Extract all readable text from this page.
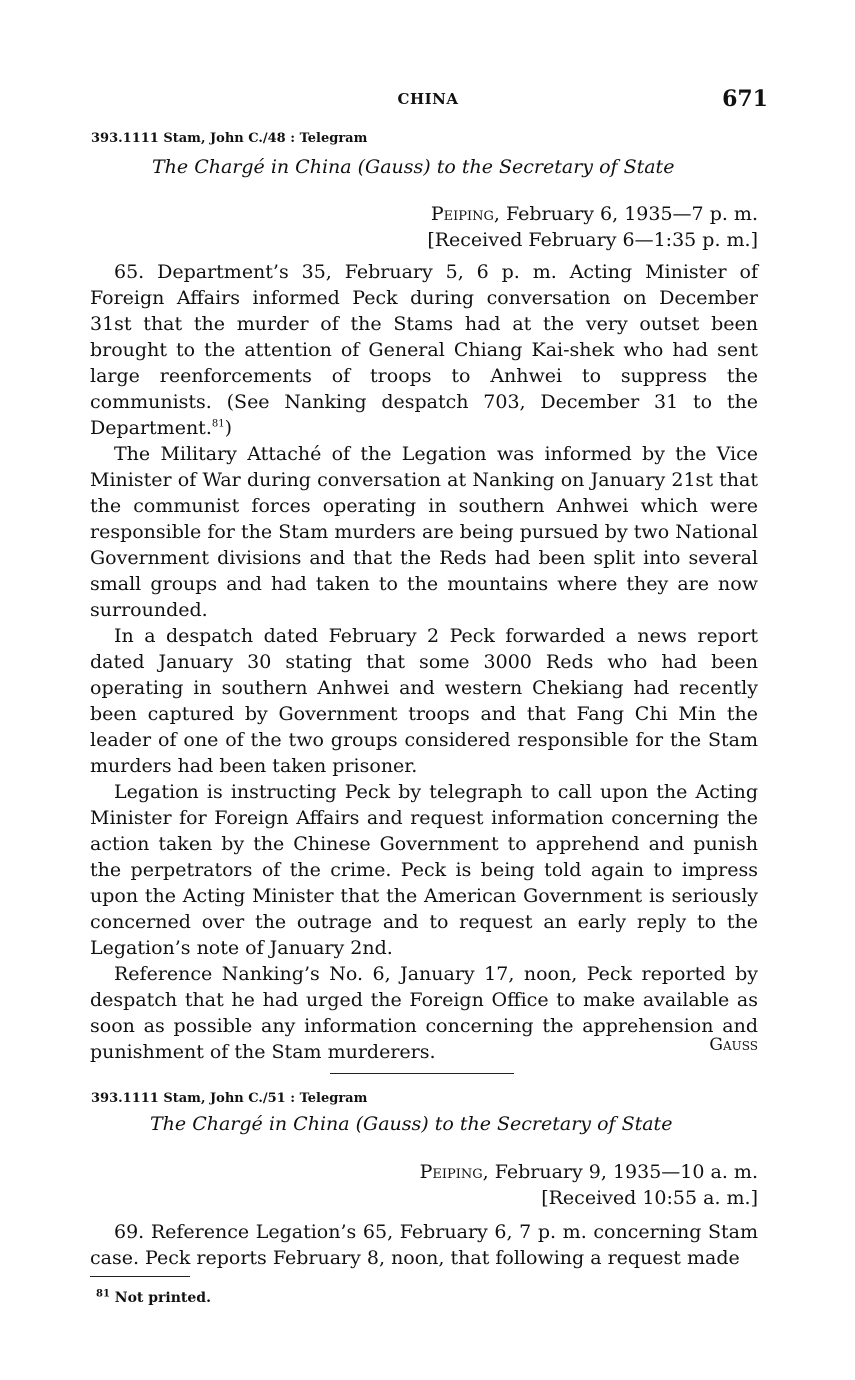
CHINA	671
393.1111 Stam, John C./48 : Telegram
The Chargé in China (Gauss) to the Secretary of State
Peiping, February 6, 1935—7 p. m.
[Received February 6—1:35 p. m.]

65. Department’s 35, February 5, 6 p. m. Acting Minister of Foreign Affairs informed Peck during conversation on December 31st that the murder of the Stams had at the very outset been brought to the attention of General Chiang Kai-shek who had sent large reenforcements of troops to Anhwei to suppress the communists. (See Nanking despatch 703, December 31 to the Department.$^{81}$)

The Military Attaché of the Legation was informed by the Vice Minister of War during conversation at Nanking on January 21st that the communist forces operating in southern Anhwei which were responsible for the Stam murders are being pursued by two National Government divisions and that the Reds had been split into several small groups and had taken to the mountains where they are now surrounded.

In a despatch dated February 2 Peck forwarded a news report dated January 30 stating that some 3000 Reds who had been operating in southern Anhwei and western Chekiang had recently been captured by Government troops and that Fang Chi Min the leader of one of the two groups considered responsible for the Stam murders had been taken prisoner.

Legation is instructing Peck by telegraph to call upon the Acting Minister for Foreign Affairs and request information concerning the action taken by the Chinese Government to apprehend and punish the perpetrators of the crime. Peck is being told again to impress upon the Acting Minister that the American Government is seriously concerned over the outrage and to request an early reply to the Legation’s note of January 2nd.

Reference Nanking’s No. 6, January 17, noon, Peck reported by despatch that he had urged the Foreign Office to make available as soon as possible any information concerning the apprehension and punishment of the Stam murderers.	Gauss
393.1111 Stam, John C./51 : Telegram
The Chargé in China (Gauss) to the Secretary of State
Peiping, February 9, 1935—10 a. m.
[Received 10:55 a. m.]

69. Reference Legation’s 65, February 6, 7 p. m. concerning Stam case. Peck reports February 8, noon, that following a request made

$^{81}$ Not printed.
